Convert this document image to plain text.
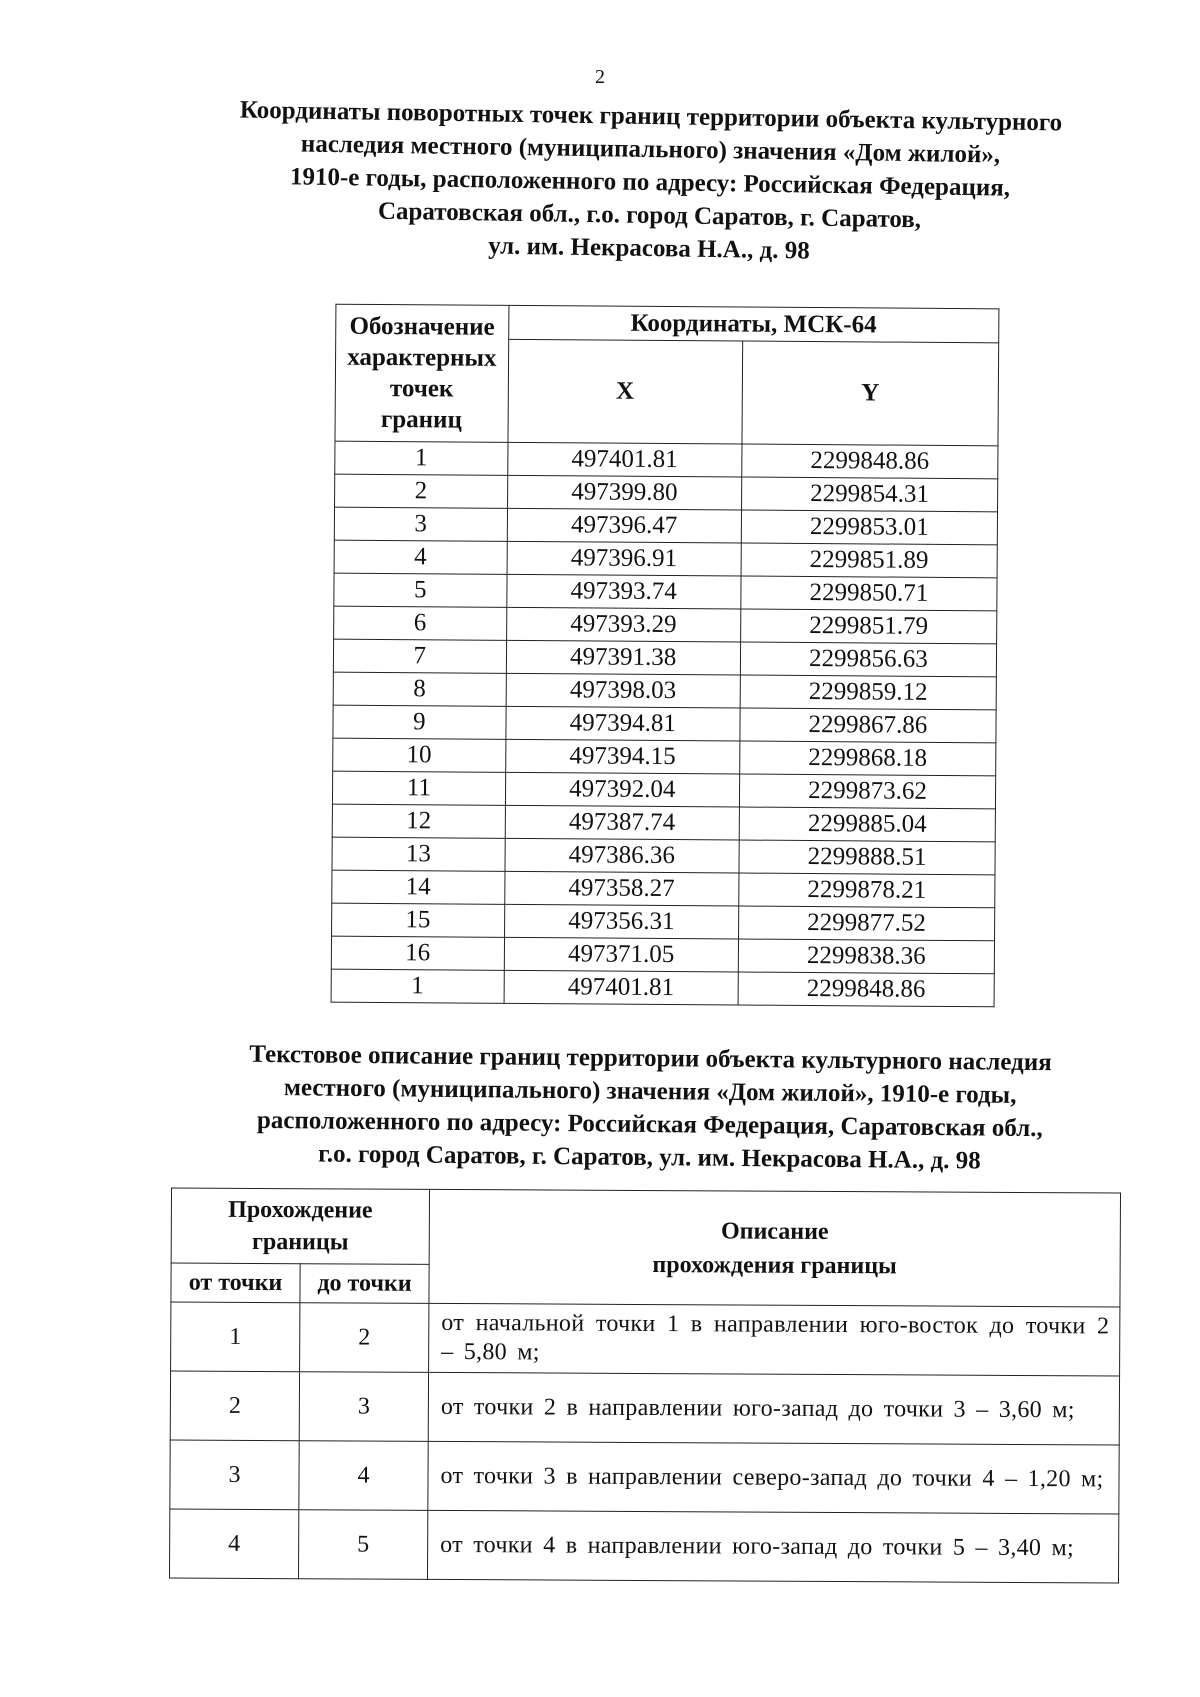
2
Координаты поворотных точек границ территории объекта культурного
наследия местного (муниципального) значения «Дом жилой»,
1910-е годы, расположенного по адресу: Российская Федерация,
Саратовская обл., г.о. город Саратов, г. Саратов,
ул. им. Некрасова Н.А., д. 98
Обозначение
характерных
точек
границ	Координаты, МСК-64	
	X	Y
1	497401.81	2299848.86
2	497399.80	2299854.31
3	497396.47	2299853.01
4	497396.91	2299851.89
5	497393.74	2299850.71
6	497393.29	2299851.79
7	497391.38	2299856.63
8	497398.03	2299859.12
9	497394.81	2299867.86
10	497394.15	2299868.18
11	497392.04	2299873.62
12	497387.74	2299885.04
13	497386.36	2299888.51
14	497358.27	2299878.21
15	497356.31	2299877.52
16	497371.05	2299838.36
1	497401.81	2299848.86
Текстовое описание границ территории объекта культурного наследия
местного (муниципального) значения «Дом жилой», 1910-е годы,
расположенного по адресу: Российская Федерация, Саратовская обл.,
г.о. город Саратов, г. Саратов, ул. им. Некрасова Н.А., д. 98
Прохождение
границы		Описание
прохождения границы

от точки	до точки	
1	2	от начальной точки 1 в направлении юго-восток до точки 2 – 5,80 м;
2	3	от точки 2 в направлении юго-запад до точки 3 – 3,60 м;
3	4	от точки 3 в направлении северо-запад до точки 4 – 1,20 м;
4	5	от точки 4 в направлении юго-запад до точки 5 – 3,40 м;
